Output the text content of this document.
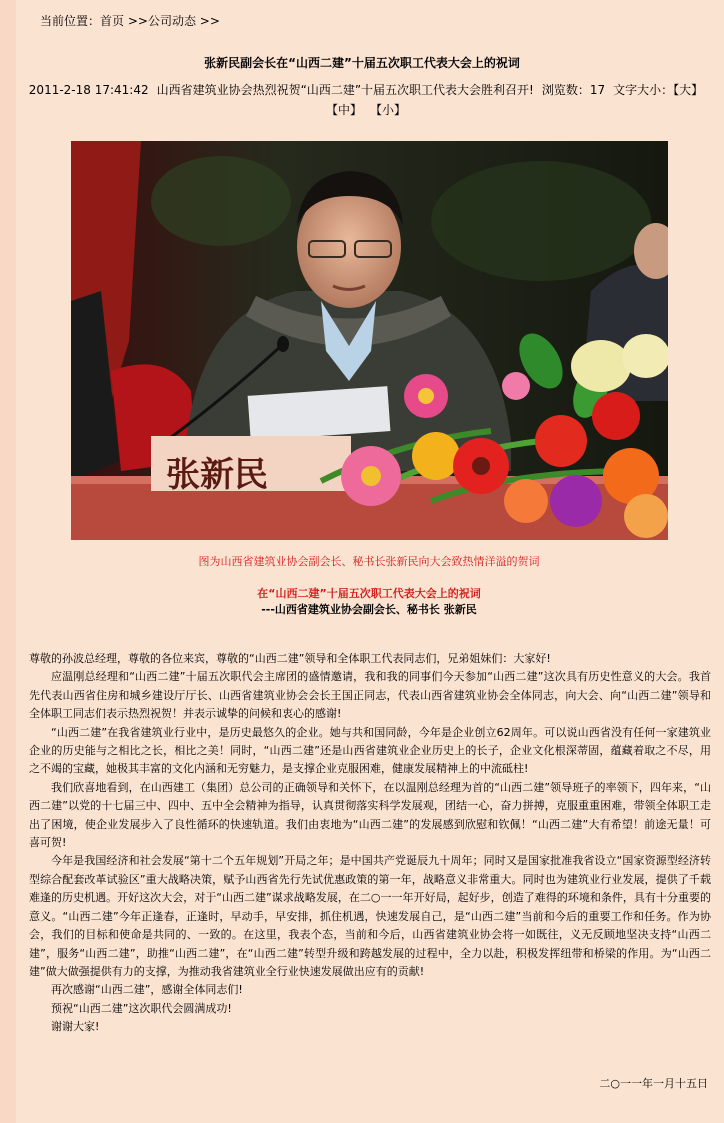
当前位置：首页 >>公司动态 >>
张新民副会长在“山西二建”十届五次职工代表大会上的祝词
2011-2-18 17:41:42 山西省建筑业协会热烈祝贺“山西二建”十届五次职工代表大会胜利召开! 浏览数：17 文字大小：【大】
【中】 【小】
张新民
图为山西省建筑业协会副会长、秘书长张新民向大会致热情洋溢的贺词
在“山西二建”十届五次职工代表大会上的祝词
---山西省建筑业协会副会长、秘书长 张新民

尊敬的孙波总经理，尊敬的各位来宾，尊敬的“山西二建”领导和全体职工代表同志们，兄弟姐妹们：大家好!

应温刚总经理和“山西二建”十届五次职代会主席团的盛情邀请，我和我的同事们今天参加“山西二建”这次具有历史性意义的大会。我首先代表山西省住房和城乡建设厅厅长、山西省建筑业协会会长王国正同志，代表山西省建筑业协会全体同志，向大会、向“山西二建”领导和全体职工同志们表示热烈祝贺！并表示诚挚的问候和衷心的感谢!

“山西二建”在我省建筑业行业中，是历史最悠久的企业。她与共和国同龄，今年是企业创立62周年。可以说山西省没有任何一家建筑业企业的历史能与之相比之长，相比之美！同时，“山西二建”还是山西省建筑业企业历史上的长子，企业文化根深蒂固，蕴藏着取之不尽，用之不竭的宝藏，她极其丰富的文化内涵和无穷魅力，是支撑企业克服困难，健康发展精神上的中流砥柱!

我们欣喜地看到，在山西建工（集团）总公司的正确领导和关怀下，在以温刚总经理为首的“山西二建”领导班子的率领下，四年来，“山西二建”以党的十七届三中、四中、五中全会精神为指导，认真贯彻落实科学发展观，团结一心，奋力拼搏，克服重重困难，带领全体职工走出了困境，使企业发展步入了良性循环的快速轨道。我们由衷地为“山西二建”的发展感到欣慰和钦佩！“山西二建”大有希望！前途无量！可喜可贺!

今年是我国经济和社会发展“第十二个五年规划”开局之年；是中国共产党诞辰九十周年；同时又是国家批准我省设立“国家资源型经济转型综合配套改革试验区”重大战略决策，赋予山西省先行先试优惠政策的第一年，战略意义非常重大。同时也为建筑业行业发展，提供了千载难逢的历史机遇。开好这次大会，对于“山西二建”谋求战略发展，在二○一一年开好局，起好步，创造了难得的环境和条件，具有十分重要的意义。“山西二建”今年正逢春，正逢时，早动手，早安排，抓住机遇，快速发展自己，是“山西二建”当前和今后的重要工作和任务。作为协会，我们的目标和使命是共同的、一致的。在这里，我表个态，当前和今后，山西省建筑业协会将一如既往，义无反顾地坚决支持“山西二建”，服务“山西二建”，助推“山西二建”，在“山西二建”转型升级和跨越发展的过程中，全力以赴，积极发挥纽带和桥梁的作用。为“山西二建”做大做强提供有力的支撑，为推动我省建筑业全行业快速发展做出应有的贡献!

再次感谢“山西二建”，感谢全体同志们!

预祝“山西二建”这次职代会圆满成功!

谢谢大家!

二○一一年一月十五日
